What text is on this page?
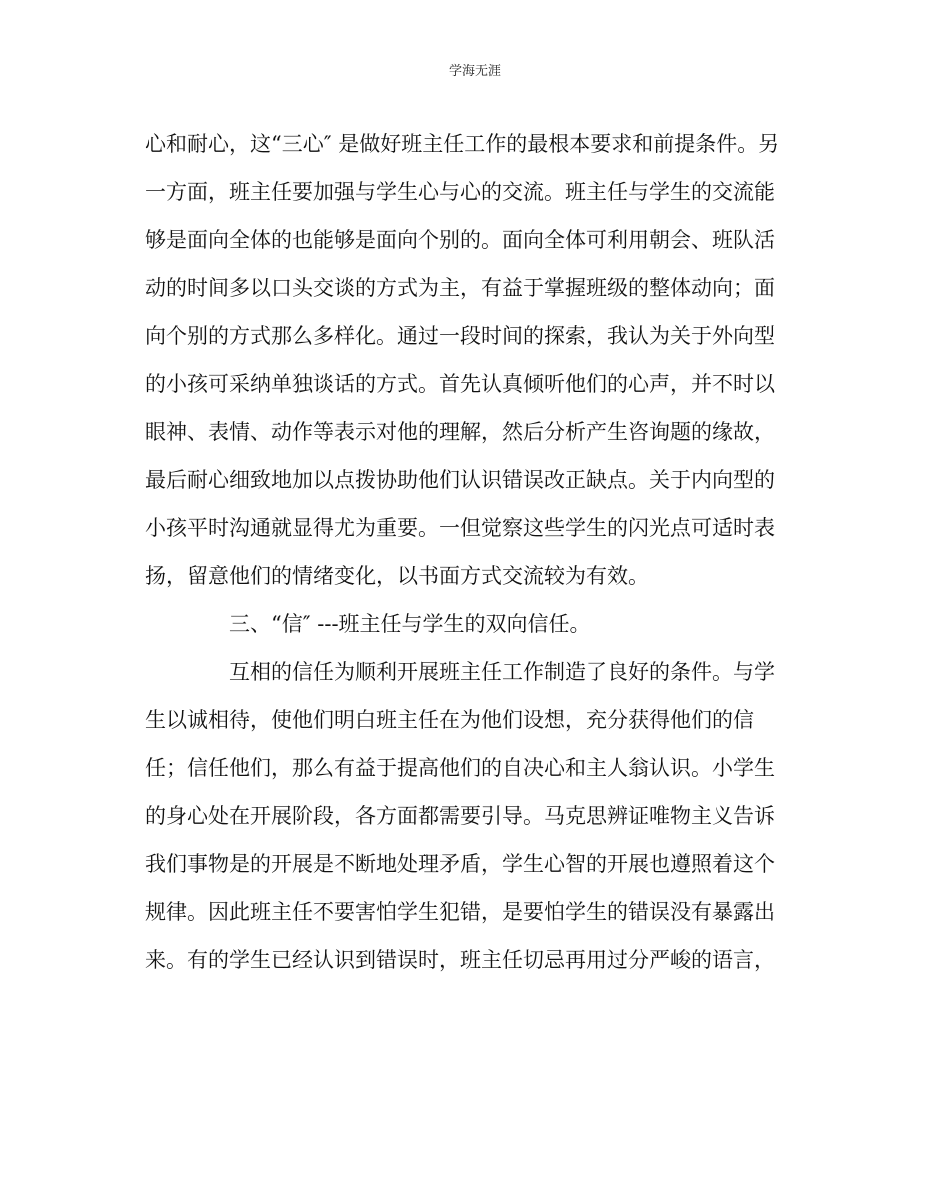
学海无涯
心和耐心，这“三心″ 是做好班主任工作的最根本要求和前提条件。另
一方面，班主任要加强与学生心与心的交流。班主任与学生的交流能
够是面向全体的也能够是面向个别的。面向全体可利用朝会、班队活
动的时间多以口头交谈的方式为主，有益于掌握班级的整体动向；面
向个别的方式那么多样化。通过一段时间的探索，我认为关于外向型
的小孩可采纳单独谈话的方式。首先认真倾听他们的心声，并不时以
眼神、表情、动作等表示对他的理解，然后分析产生咨询题的缘故，
最后耐心细致地加以点拨协助他们认识错误改正缺点。关于内向型的
小孩平时沟通就显得尤为重要。一但觉察这些学生的闪光点可适时表
扬，留意他们的情绪变化，以书面方式交流较为有效。
三、“信″ ---班主任与学生的双向信任。
互相的信任为顺利开展班主任工作制造了良好的条件。与学
生以诚相待，使他们明白班主任在为他们设想，充分获得他们的信
任；信任他们，那么有益于提高他们的自决心和主人翁认识。小学生
的身心处在开展阶段，各方面都需要引导。马克思辨证唯物主义告诉
我们事物是的开展是不断地处理矛盾，学生心智的开展也遵照着这个
规律。因此班主任不要害怕学生犯错，是要怕学生的错误没有暴露出
来。有的学生已经认识到错误时，班主任切忌再用过分严峻的语言，
